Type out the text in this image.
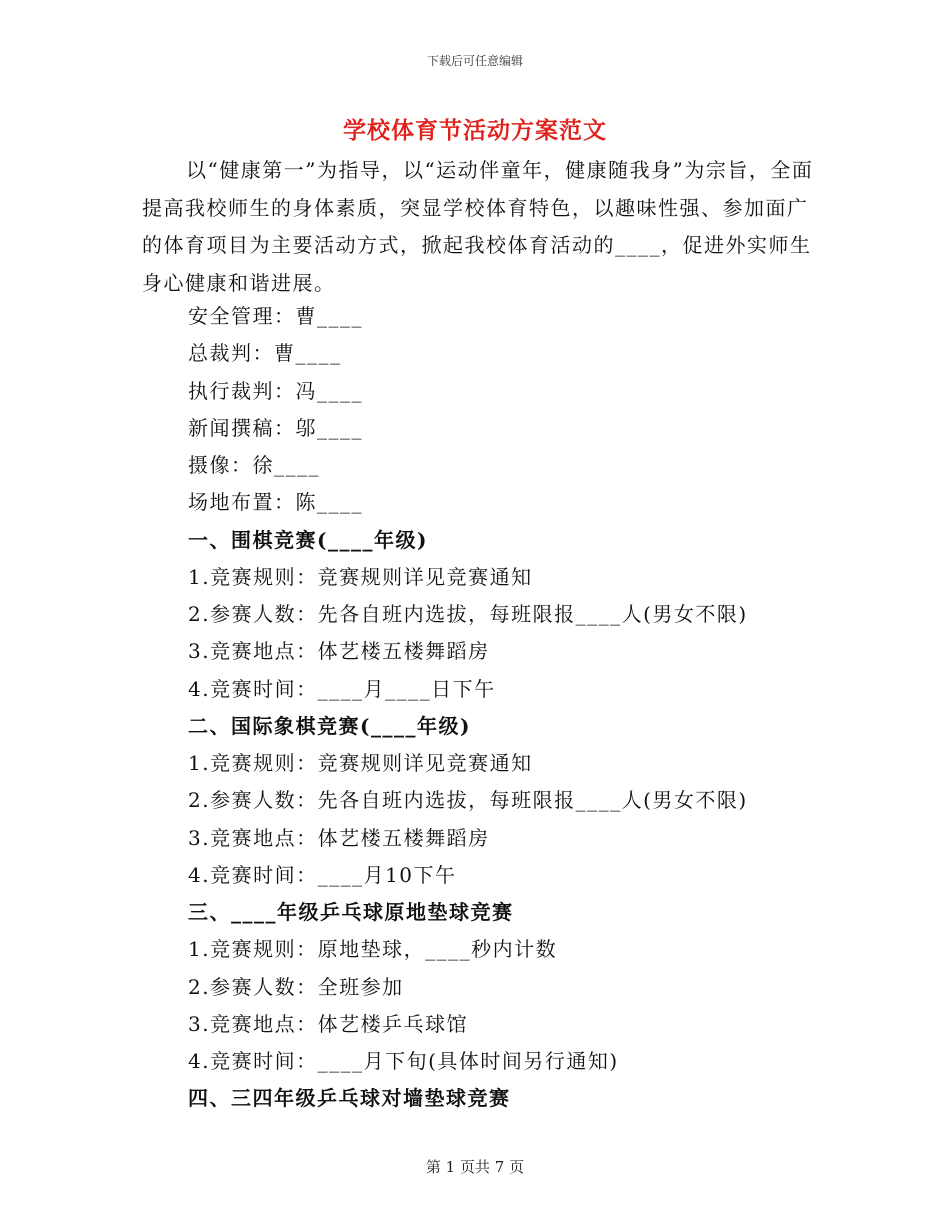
下载后可任意编辑
学校体育节活动方案范文

以“健康第一”为指导，以“运动伴童年，健康随我身”为宗旨，全面提高我校师生的身体素质，突显学校体育特色，以趣味性强、参加面广的体育项目为主要活动方式，掀起我校体育活动的____，促进外实师生身心健康和谐进展。

安全管理：曹____
总裁判：曹____
执行裁判：冯____
新闻撰稿：邬____
摄像：徐____
场地布置：陈____
一、围棋竞赛(____年级)
1.竞赛规则：竞赛规则详见竞赛通知
2.参赛人数：先各自班内选拔，每班限报____人(男女不限)
3.竞赛地点：体艺楼五楼舞蹈房
4.竞赛时间：____月____日下午
二、国际象棋竞赛(____年级)
1.竞赛规则：竞赛规则详见竞赛通知
2.参赛人数：先各自班内选拔，每班限报____人(男女不限)
3.竞赛地点：体艺楼五楼舞蹈房
4.竞赛时间：____月10下午
三、____年级乒乓球原地垫球竞赛
1.竞赛规则：原地垫球，____秒内计数
2.参赛人数：全班参加
3.竞赛地点：体艺楼乒乓球馆
4.竞赛时间：____月下旬(具体时间另行通知)
四、三四年级乒乓球对墙垫球竞赛
第 1 页共 7 页
